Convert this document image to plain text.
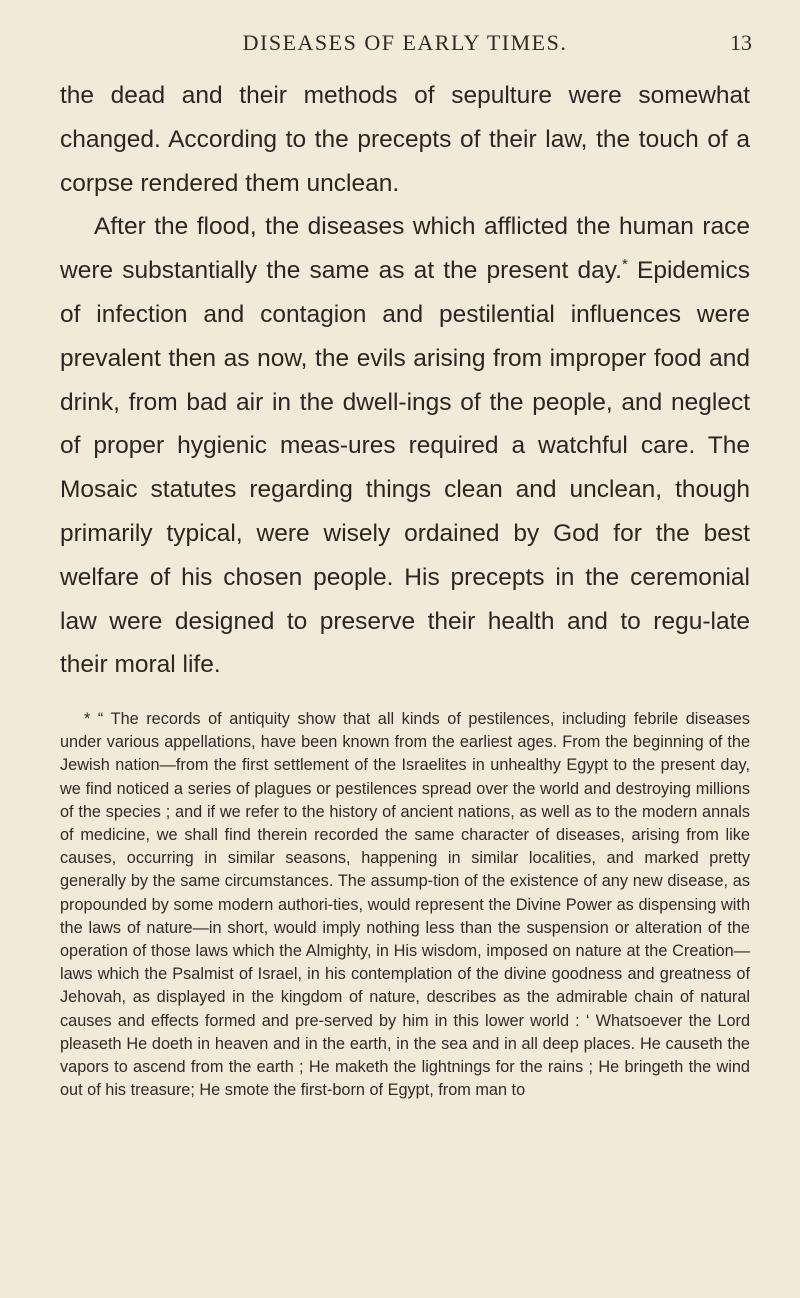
DISEASES OF EARLY TIMES.	13

the dead and their methods of sepulture were somewhat changed. According to the precepts of their law, the touch of a corpse rendered them unclean.

After the flood, the diseases which afflicted the human race were substantially the same as at the present day.* Epidemics of infection and contagion and pestilential influences were prevalent then as now, the evils arising from improper food and drink, from bad air in the dwell-ings of the people, and neglect of proper hygienic meas-ures required a watchful care. The Mosaic statutes regarding things clean and unclean, though primarily typical, were wisely ordained by God for the best welfare of his chosen people. His precepts in the ceremonial law were designed to preserve their health and to regu-late their moral life.

* “ The records of antiquity show that all kinds of pestilences, including febrile diseases under various appellations, have been known from the earliest ages. From the beginning of the Jewish nation—from the first settlement of the Israelites in unhealthy Egypt to the present day, we find noticed a series of plagues or pestilences spread over the world and destroying millions of the species ; and if we refer to the history of ancient nations, as well as to the modern annals of medicine, we shall find therein recorded the same character of diseases, arising from like causes, occurring in similar seasons, happening in similar localities, and marked pretty generally by the same circumstances. The assump-tion of the existence of any new disease, as propounded by some modern authori-ties, would represent the Divine Power as dispensing with the laws of nature—in short, would imply nothing less than the suspension or alteration of the operation of those laws which the Almighty, in His wisdom, imposed on nature at the Creation—laws which the Psalmist of Israel, in his contemplation of the divine goodness and greatness of Jehovah, as displayed in the kingdom of nature, describes as the admirable chain of natural causes and effects formed and pre-served by him in this lower world : ‘ Whatsoever the Lord pleaseth He doeth in heaven and in the earth, in the sea and in all deep places. He causeth the vapors to ascend from the earth ; He maketh the lightnings for the rains ; He bringeth the wind out of his treasure; He smote the first-born of Egypt, from man to
